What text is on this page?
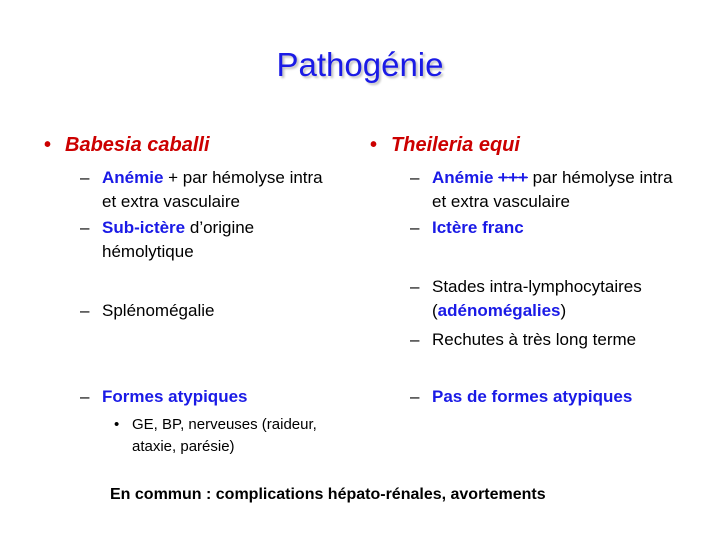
Pathogénie
• Babesia caballi
– Anémie + par hémolyse intra et extra vasculaire
– Sub-ictère d’origine hémolytique
– Splénomégalie
– Formes atypiques
• GE, BP, nerveuses (raideur, ataxie, parésie)
• Theileria equi
– Anémie +++ par hémolyse intra et extra vasculaire
– Ictère franc
– Stades intra-lymphocytaires (adénomégalies)
– Rechutes à très long terme
– Pas de formes atypiques
En commun : complications hépato-rénales, avortements
